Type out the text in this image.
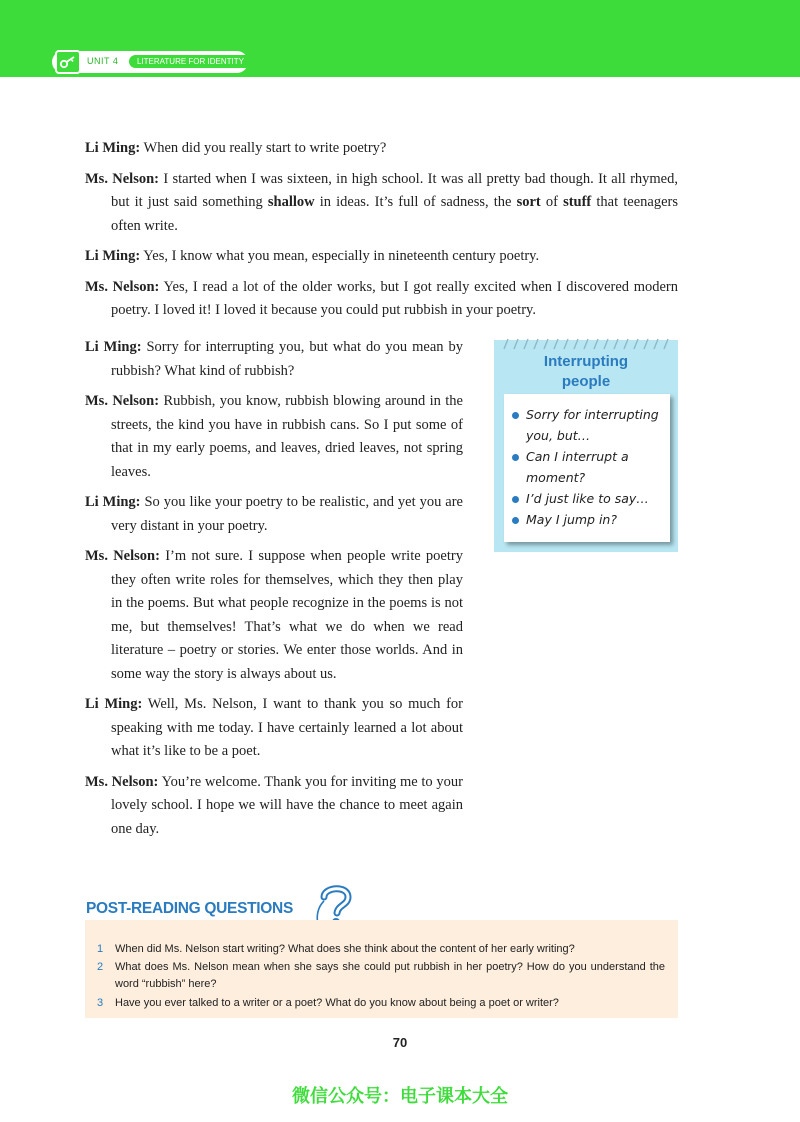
UNIT 4	LITERATURE FOR IDENTITY

Li Ming: When did you really start to write poetry?

Ms. Nelson: I started when I was sixteen, in high school. It was all pretty bad though. It all rhymed, but it just said something shallow in ideas. It’s full of sadness, the sort of stuff that teenagers often write.

Li Ming: Yes, I know what you mean, especially in nineteenth century poetry.

Ms. Nelson: Yes, I read a lot of the older works, but I got really excited when I discovered modern poetry. I loved it! I loved it because you could put rubbish in your poetry.

Li Ming: Sorry for interrupting you, but what do you mean by rubbish? What kind of rubbish?

Ms. Nelson: Rubbish, you know, rubbish blowing around in the streets, the kind you have in rubbish cans. So I put some of that in my early poems, and leaves, dried leaves, not spring leaves.

Li Ming: So you like your poetry to be realistic, and yet you are very distant in your poetry.

Ms. Nelson: I’m not sure. I suppose when people write poetry they often write roles for themselves, which they then play in the poems. But what people recognize in the poems is not me, but themselves! That’s what we do when we read literature – poetry or stories. We enter those worlds. And in some way the story is always about us.

Li Ming: Well, Ms. Nelson, I want to thank you so much for speaking with me today. I have certainly learned a lot about what it’s like to be a poet.

Ms. Nelson: You’re welcome. Thank you for inviting me to your lovely school. I hope we will have the chance to meet again one day.

Interrupting
people
Sorry for interrupting you, but…
Can I interrupt a moment?
I’d just like to say…
May I jump in?
POST-READING QUESTIONS
1 When did Ms. Nelson start writing? What does she think about the content of her early writing?
2 What does Ms. Nelson mean when she says she could put rubbish in her poetry? How do you understand the word “rubbish” here?
3 Have you ever talked to a writer or a poet? What do you know about being a poet or writer?
70
微信公众号：电子课本大全
